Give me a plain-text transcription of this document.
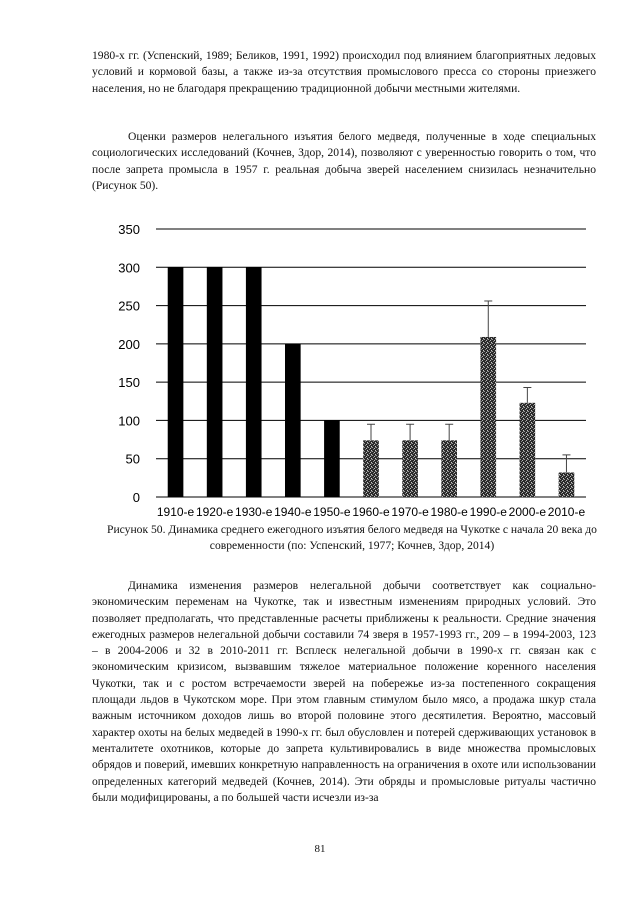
1980-х гг. (Успенский, 1989; Беликов, 1991, 1992) происходил под влиянием благоприятных ледовых условий и кормовой базы, а также из-за отсутствия промыслового пресса со стороны приезжего населения, но не благодаря прекращению традиционной добычи местными жителями.

Оценки размеров нелегального изъятия белого медведя, полученные в ходе специальных социологических исследований (Кочнев, Здор, 2014), позволяют с уверенностью говорить о том, что после запрета промысла в 1957 г. реальная добыча зверей населением снизилась незначительно (Рисунок 50).

0
50
100
150
200
250
300
350
1910-е 1920-е 1930-е 1940-е 1950-е 1960-е 1970-е 1980-е 1990-е 2000-е 2010-е

Рисунок 50. Динамика среднего ежегодного изъятия белого медведя на Чукотке с начала 20 века до современности (по: Успенский, 1977; Кочнев, Здор, 2014)

Динамика изменения размеров нелегальной добычи соответствует как социально-экономическим переменам на Чукотке, так и известным изменениям природных условий. Это позволяет предполагать, что представленные расчеты приближены к реальности. Средние значения ежегодных размеров нелегальной добычи составили 74 зверя в 1957-1993 гг., 209 – в 1994-2003, 123 – в 2004-2006 и 32 в 2010-2011 гг. Всплеск нелегальной добычи в 1990-х гг. связан как с экономическим кризисом, вызвавшим тяжелое материальное положение коренного населения Чукотки, так и с ростом встречаемости зверей на побережье из-за постепенного сокращения площади льдов в Чукотском море. При этом главным стимулом было мясо, а продажа шкур стала важным источником доходов лишь во второй половине этого десятилетия. Вероятно, массовый характер охоты на белых медведей в 1990-х гг. был обусловлен и потерей сдерживающих установок в менталитете охотников, которые до запрета культивировались в виде множества промысловых обрядов и поверий, имевших конкретную направленность на ограничения в охоте или использовании определенных категорий медведей (Кочнев, 2014). Эти обряды и промысловые ритуалы частично были модифицированы, а по большей части исчезли из-за

81
